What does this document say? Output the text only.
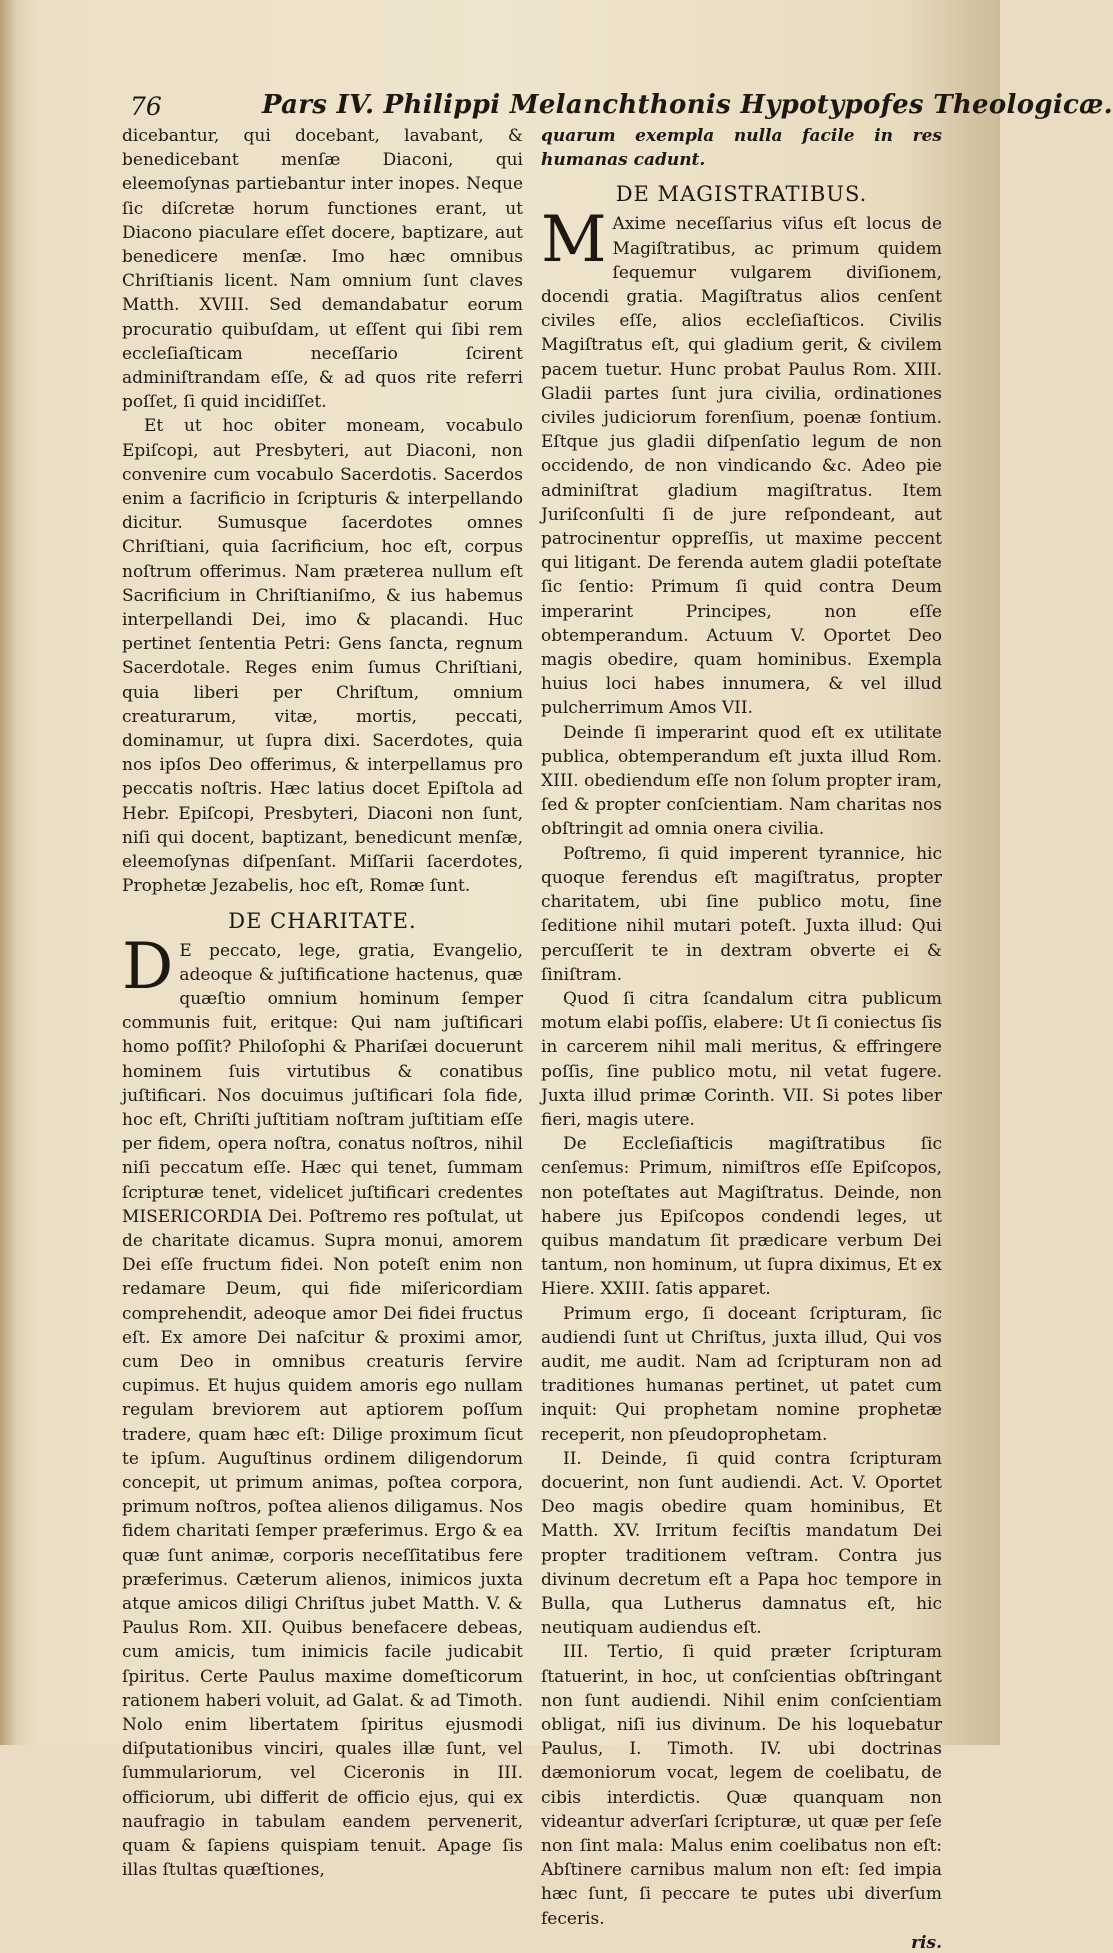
76	Pars IV. Philippi Melanchthonis Hypotypofes Theologicæ.

dicebantur, qui docebant, lavabant, & benedicebant menſæ Diaconi, qui eleemoſynas partiebantur inter inopes. Neque ſic diſcretæ horum functiones erant, ut Diacono piaculare eſſet docere, baptizare, aut benedicere menſæ. Imo hæc omnibus Chriſtianis licent. Nam omnium ſunt claves Matth. XVIII. Sed demandabatur eorum procuratio quibuſdam, ut eſſent qui ſibi rem eccleſiaſticam neceſſario ſcirent adminiſtrandam eſſe, & ad quos rite referri poſſet, ſi quid incidiſſet.

Et ut hoc obiter moneam, vocabulo Epiſcopi, aut Presbyteri, aut Diaconi, non convenire cum vocabulo Sacerdotis. Sacerdos enim a ſacrificio in ſcripturis & interpellando dicitur. Sumusque ſacerdotes omnes Chriſtiani, quia ſacrificium, hoc eſt, corpus noſtrum offerimus. Nam præterea nullum eſt Sacrificium in Chriſtianiſmo, & ius habemus interpellandi Dei, imo & placandi. Huc pertinet ſententia Petri: Gens ſancta, regnum Sacerdotale. Reges enim ſumus Chriſtiani, quia liberi per Chriſtum, omnium creaturarum, vitæ, mortis, peccati, dominamur, ut ſupra dixi. Sacerdotes, quia nos ipſos Deo offerimus, & interpellamus pro peccatis noſtris. Hæc latius docet Epiſtola ad Hebr. Epiſcopi, Presbyteri, Diaconi non ſunt, niſi qui docent, baptizant, benedicunt menſæ, eleemoſynas diſpenſant. Miſſarii ſacerdotes, Prophetæ Jezabelis, hoc eſt, Romæ ſunt.

DE CHARITATE.

D E peccato, lege, gratia, Evangelio, adeoque & juſtificatione hactenus, quæ quæſtio omnium hominum ſemper communis fuit, eritque: Qui nam juſtificari homo poſſit? Philoſophi & Phariſæi docuerunt hominem ſuis virtutibus & conatibus juſtificari. Nos docuimus juſtificari ſola fide, hoc eſt, Chriſti juſtitiam noſtram juſtitiam eſſe per fidem, opera noſtra, conatus noſtros, nihil niſi peccatum eſſe. Hæc qui tenet, ſummam ſcripturæ tenet, videlicet juſtificari credentes MISERICORDIA Dei. Poſtremo res poſtulat, ut de charitate dicamus. Supra monui, amorem Dei eſſe fructum fidei. Non poteſt enim non redamare Deum, qui fide miſericordiam comprehendit, adeoque amor Dei fidei fructus eſt. Ex amore Dei naſcitur & proximi amor, cum Deo in omnibus creaturis ſervire cupimus. Et hujus quidem amoris ego nullam regulam breviorem aut aptiorem poſſum tradere, quam hæc eſt: Dilige proximum ſicut te ipſum. Auguſtinus ordinem diligendorum concepit, ut primum animas, poſtea corpora, primum noſtros, poſtea alienos diligamus. Nos fidem charitati ſemper præferimus. Ergo & ea quæ ſunt animæ, corporis neceſſitatibus fere præferimus. Cæterum alienos, inimicos juxta atque amicos diligi Chriſtus jubet Matth. V. & Paulus Rom. XII. Quibus benefacere debeas, cum amicis, tum inimicis facile judicabit ſpiritus. Certe Paulus maxime domeſticorum rationem haberi voluit, ad Galat. & ad Timoth. Nolo enim libertatem ſpiritus ejusmodi diſputationibus vinciri, quales illæ ſunt, vel ſummulariorum, vel Ciceronis in III. officiorum, ubi differit de officio ejus, qui ex naufragio in tabulam eandem pervenerit, quam & ſapiens quispiam tenuit. Apage ſis illas ſtultas quæſtiones,

quarum exempla nulla facile in res humanas cadunt.

DE MAGISTRATIBUS.

M Axime neceſſarius viſus eſt locus de Magiſtratibus, ac primum quidem ſequemur vulgarem diviſionem, docendi gratia. Magiſtratus alios cenſent civiles eſſe, alios eccleſiaſticos. Civilis Magiſtratus eſt, qui gladium gerit, & civilem pacem tuetur. Hunc probat Paulus Rom. XIII. Gladii partes ſunt jura civilia, ordinationes civiles judiciorum forenſium, poenæ ſontium. Eſtque jus gladii diſpenſatio legum de non occidendo, de non vindicando &c. Adeo pie adminiſtrat gladium magiſtratus. Item Juriſconſulti ſi de jure reſpondeant, aut patrocinentur oppreſſis, ut maxime peccent qui litigant. De ferenda autem gladii poteſtate ſic ſentio: Primum ſi quid contra Deum imperarint Principes, non eſſe obtemperandum. Actuum V. Oportet Deo magis obedire, quam hominibus. Exempla huius loci habes innumera, & vel illud pulcherrimum Amos VII.

Deinde ſi imperarint quod eſt ex utilitate publica, obtemperandum eſt juxta illud Rom. XIII. obediendum eſſe non ſolum propter iram, ſed & propter conſcientiam. Nam charitas nos obſtringit ad omnia onera civilia.

Poſtremo, ſi quid imperent tyrannice, hic quoque ferendus eſt magiſtratus, propter charitatem, ubi ſine publico motu, ſine ſeditione nihil mutari poteſt. Juxta illud: Qui percuſſerit te in dextram obverte ei & ſiniſtram.

Quod ſi citra ſcandalum citra publicum motum elabi poſſis, elabere: Ut ſi coniectus ſis in carcerem nihil mali meritus, & effringere poſſis, ſine publico motu, nil vetat fugere. Juxta illud primæ Corinth. VII. Si potes liber fieri, magis utere.

De Eccleſiaſticis magiſtratibus ſic cenſemus: Primum, nimiſtros eſſe Epiſcopos, non poteſtates aut Magiſtratus. Deinde, non habere jus Epiſcopos condendi leges, ut quibus mandatum ſit prædicare verbum Dei tantum, non hominum, ut ſupra diximus, Et ex Hiere. XXIII. ſatis apparet.

Primum ergo, ſi doceant ſcripturam, ſic audiendi ſunt ut Chriſtus, juxta illud, Qui vos audit, me audit. Nam ad ſcripturam non ad traditiones humanas pertinet, ut patet cum inquit: Qui prophetam nomine prophetæ receperit, non pſeudoprophetam.

II. Deinde, ſi quid contra ſcripturam docuerint, non ſunt audiendi. Act. V. Oportet Deo magis obedire quam hominibus, Et Matth. XV. Irritum feciſtis mandatum Dei propter traditionem veſtram. Contra jus divinum decretum eſt a Papa hoc tempore in Bulla, qua Lutherus damnatus eſt, hic neutiquam audiendus eſt.

III. Tertio, ſi quid præter ſcripturam ſtatuerint, in hoc, ut conſcientias obſtringant non ſunt audiendi. Nihil enim conſcientiam obligat, niſi ius divinum. De his loquebatur Paulus, I. Timoth. IV. ubi doctrinas dæmoniorum vocat, legem de coelibatu, de cibis interdictis. Quæ quanquam non videantur adverſari ſcripturæ, ut quæ per ſeſe non ſint mala: Malus enim coelibatus non eſt: Abſtinere carnibus malum non eſt: ſed impia hæc ſunt, ſi peccare te putes ubi diverſum feceris.

ris.
